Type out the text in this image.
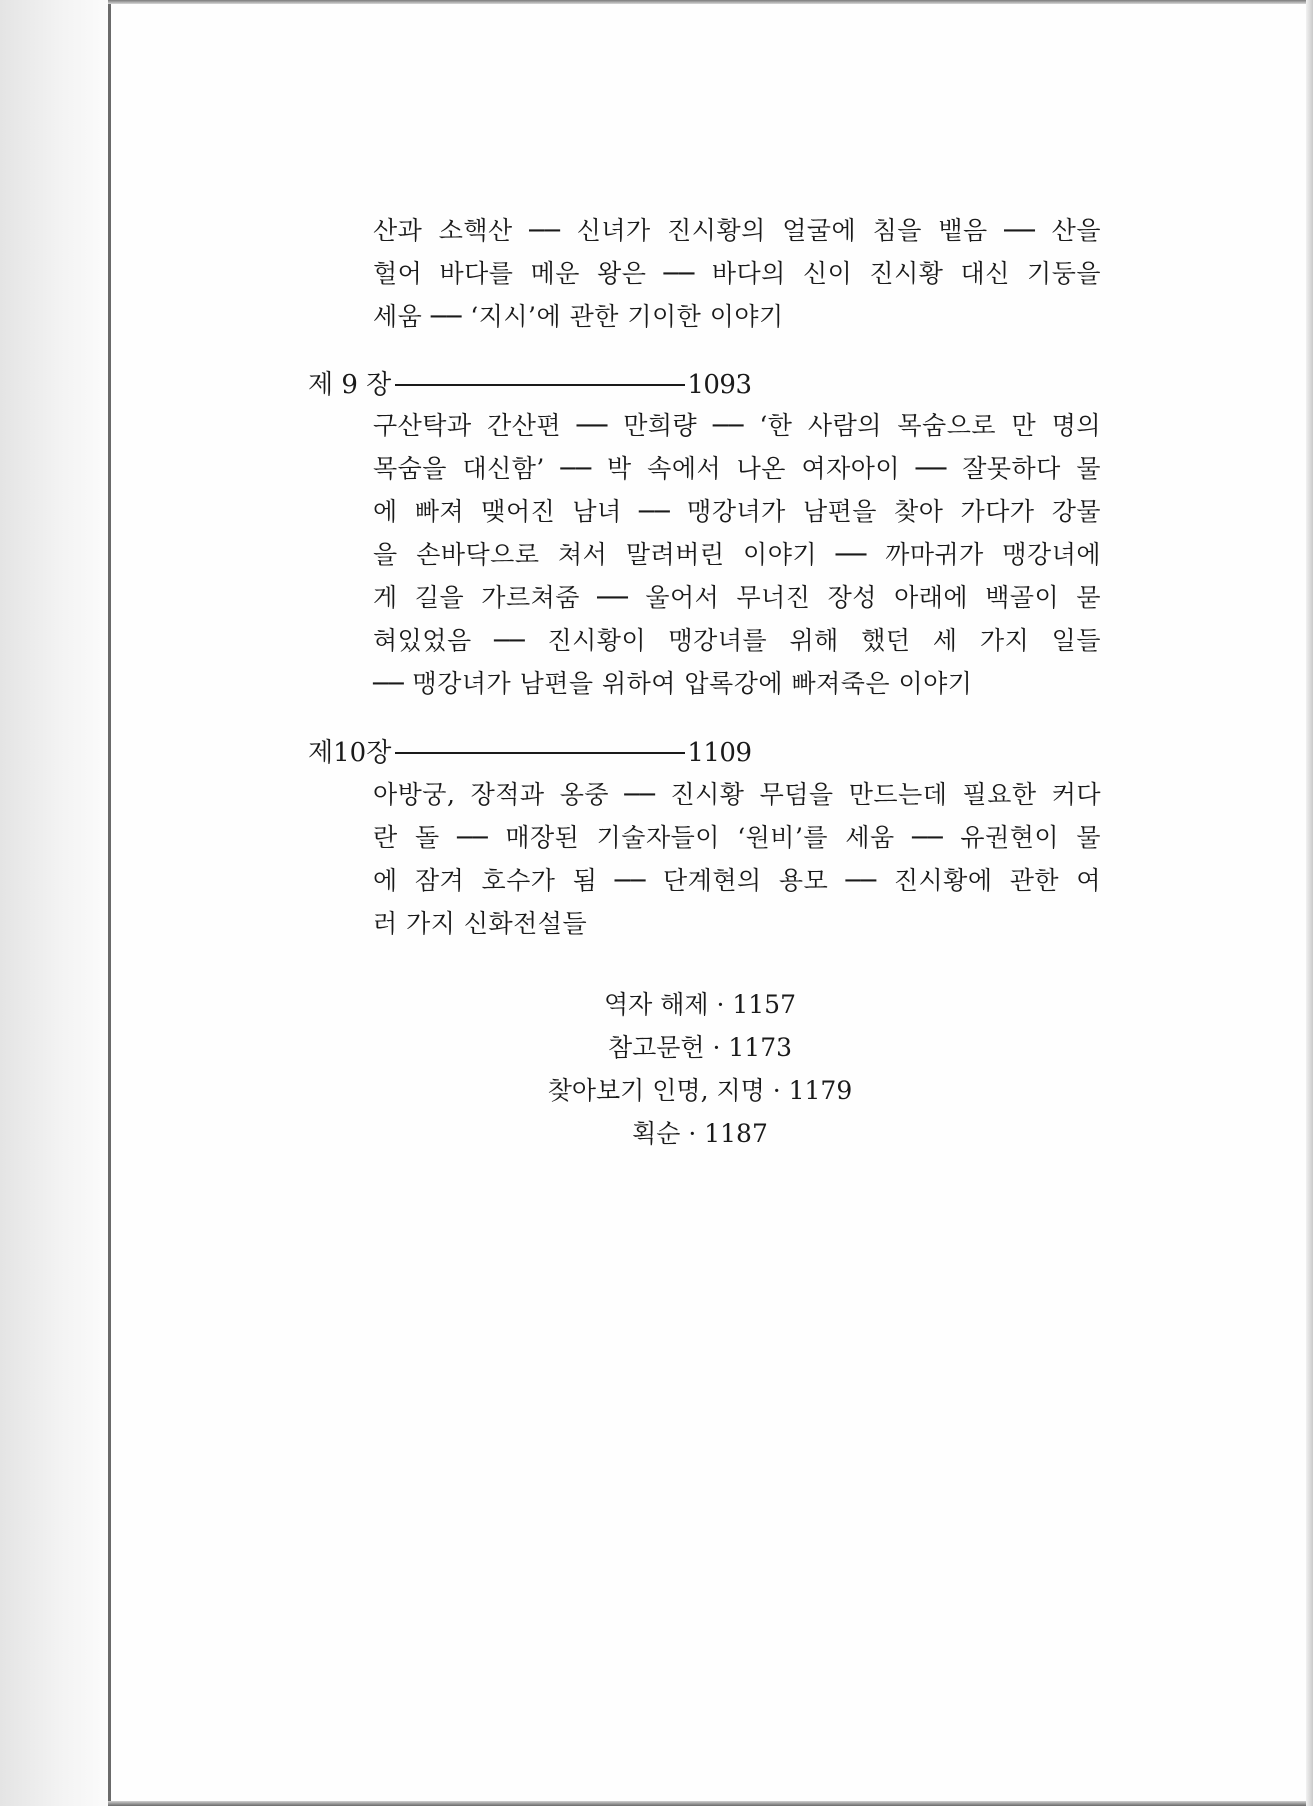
산과 소핵산 ── 신녀가 진시황의 얼굴에 침을 뱉음 ── 산을
헐어 바다를 메운 왕은 ── 바다의 신이 진시황 대신 기둥을
세움 ── ‘지시’에 관한 기이한 이야기
제 9 장	1093
구산탁과 간산편 ── 만희량 ── ‘한 사람의 목숨으로 만 명의
목숨을 대신함’ ── 박 속에서 나온 여자아이 ── 잘못하다 물
에 빠져 맺어진 남녀 ── 맹강녀가 남편을 찾아 가다가 강물
을 손바닥으로 쳐서 말려버린 이야기 ── 까마귀가 맹강녀에
게 길을 가르쳐줌 ── 울어서 무너진 장성 아래에 백골이 묻
혀있었음 ── 진시황이 맹강녀를 위해 했던 세 가지 일들
── 맹강녀가 남편을 위하여 압록강에 빠져죽은 이야기
제10장	1109
아방궁, 장적과 옹중 ── 진시황 무덤을 만드는데 필요한 커다
란 돌 ── 매장된 기술자들이 ‘원비’를 세움 ── 유권현이 물
에 잠겨 호수가 됨 ── 단계현의 용모 ── 진시황에 관한 여
러 가지 신화전설들
역자 해제 · 1157
참고문헌 · 1173
찾아보기 인명, 지명 · 1179
획순 · 1187
